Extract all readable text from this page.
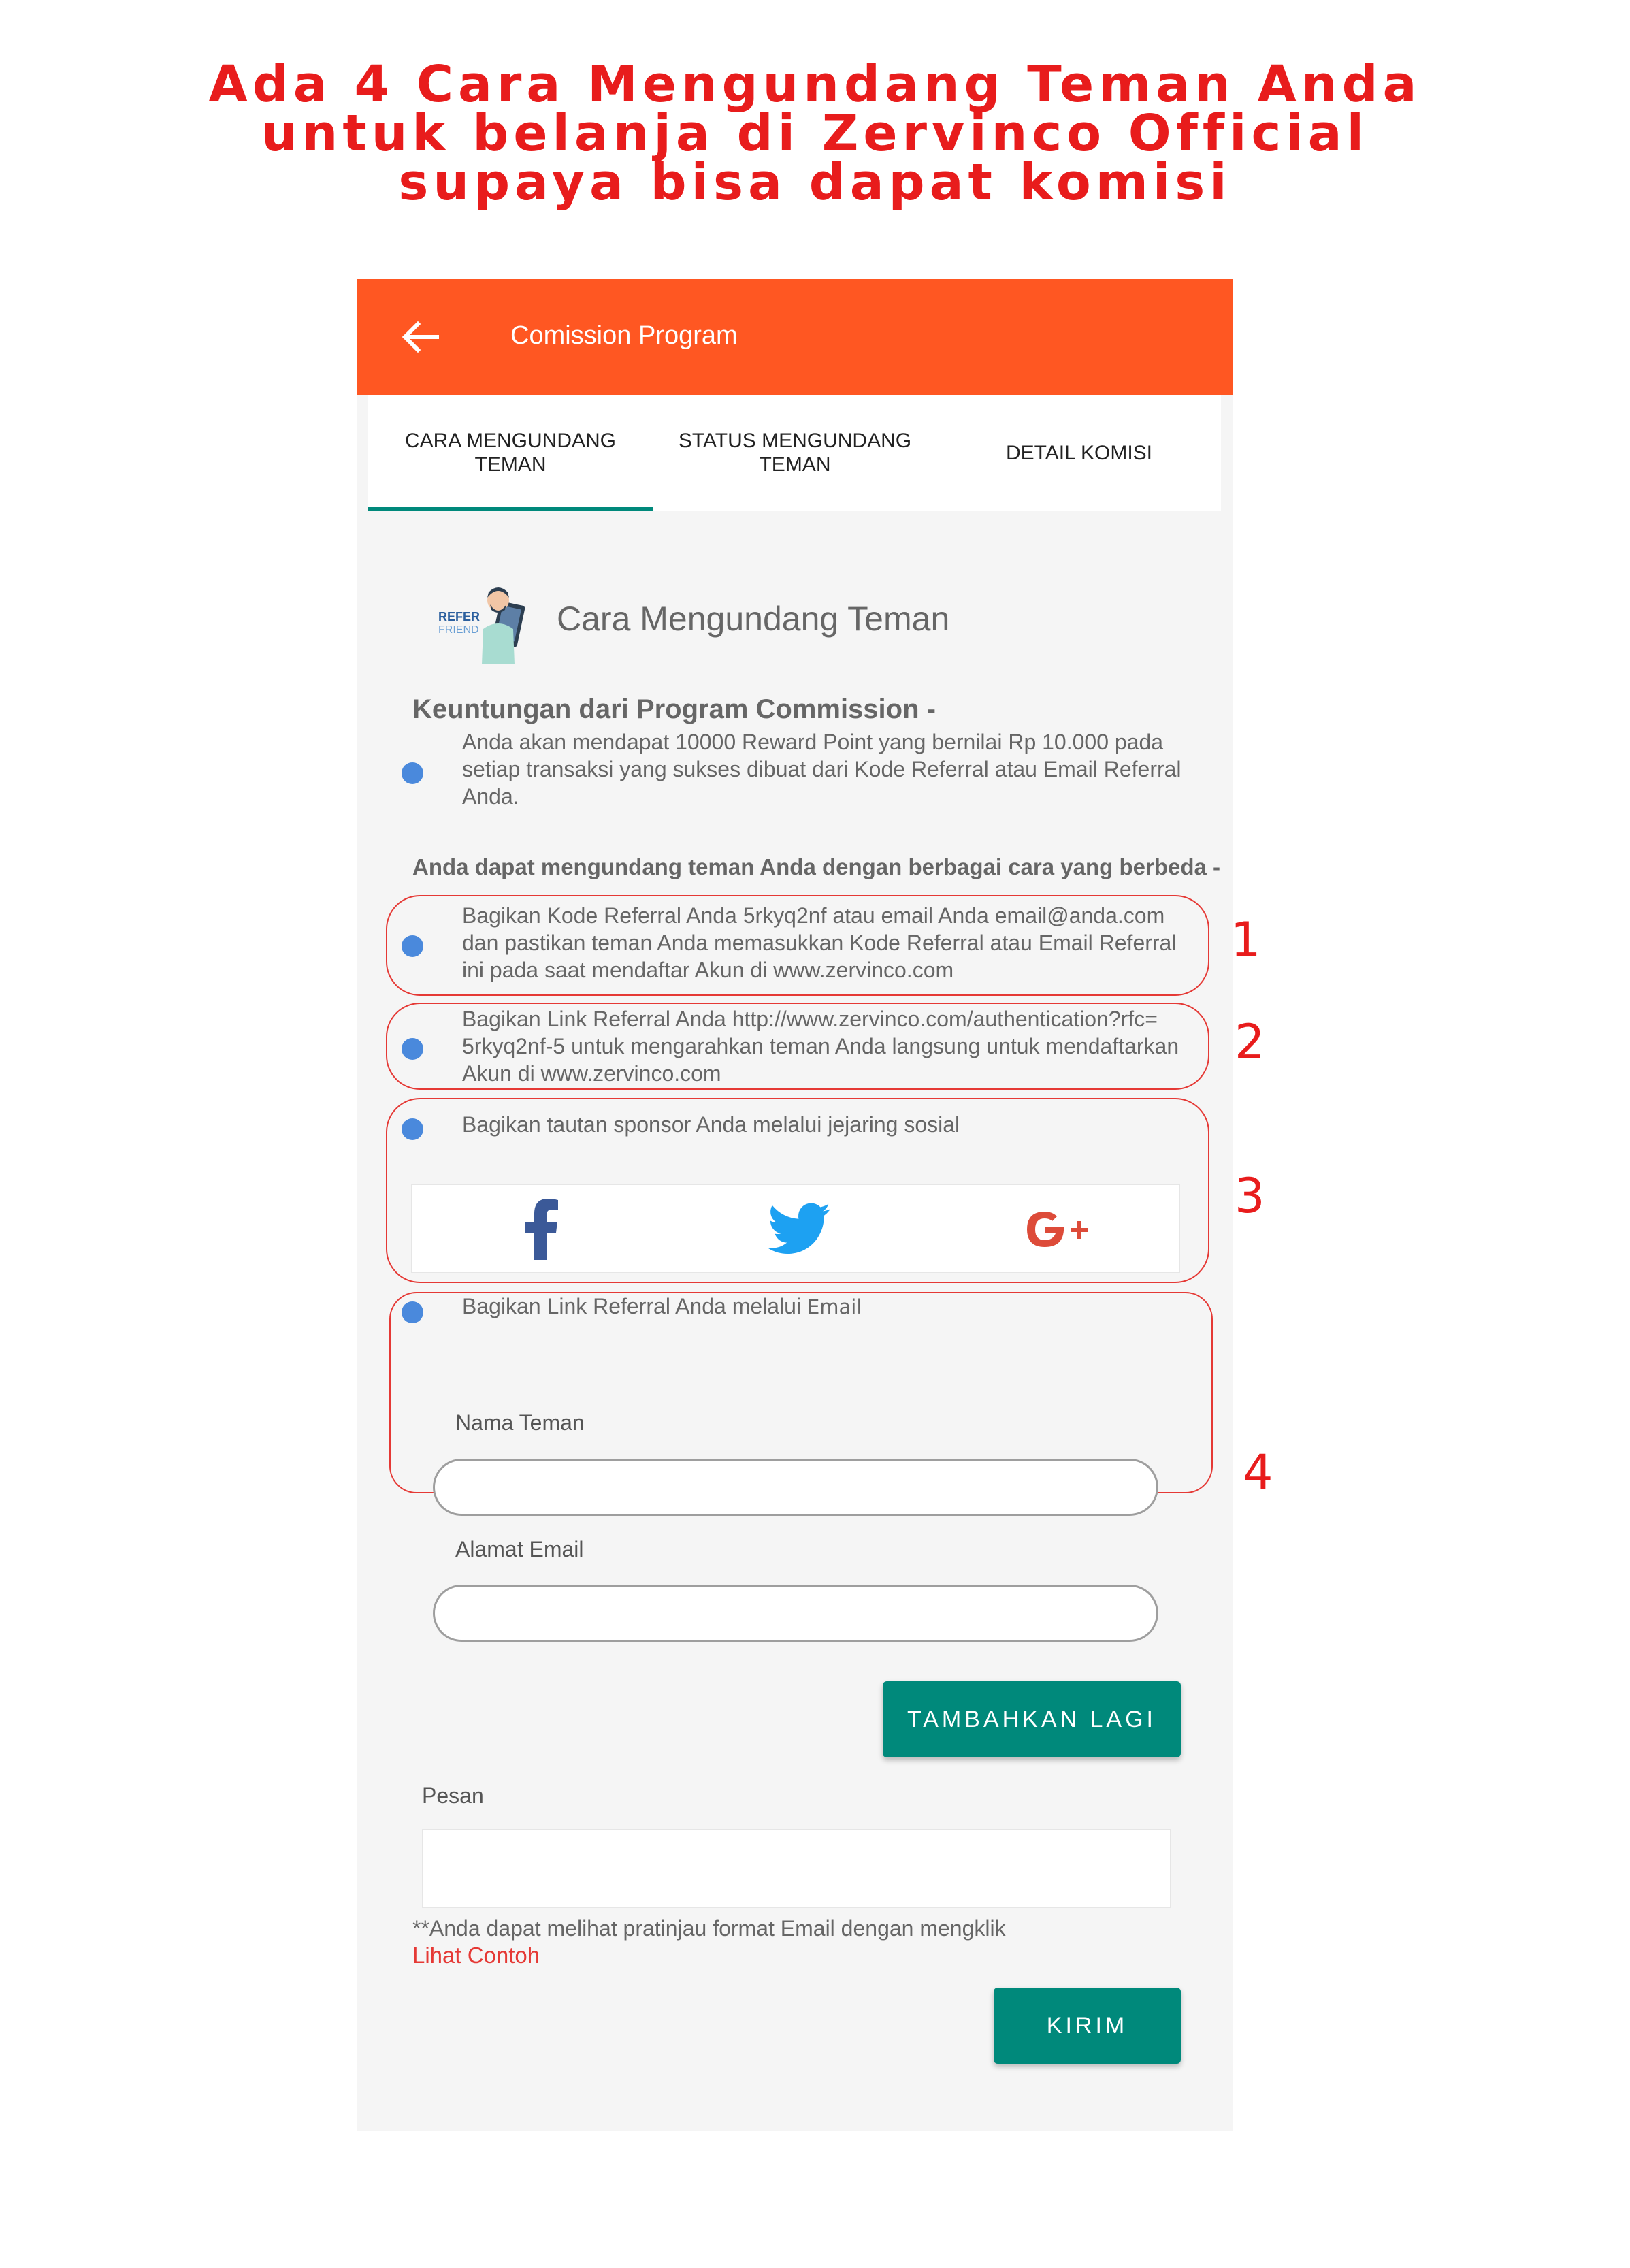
Ada 4 Cara Mengundang Teman Anda
untuk belanja di Zervinco Official
supaya bisa dapat komisi
Comission Program
CARA MENGUNDANG
TEMAN
STATUS MENGUNDANG
TEMAN
DETAIL KOMISI
REFER
FRIEND Cara Mengundang Teman
Keuntungan dari Program Commission -
Anda akan mendapat 10000 Reward Point yang bernilai Rp 10.000 pada
setiap transaksi yang sukses dibuat dari Kode Referral atau Email Referral
Anda.
Anda dapat mengundang teman Anda dengan berbagai cara yang berbeda -
Bagikan Kode Referral Anda 5rkyq2nf atau email Anda email@anda.com
dan pastikan teman Anda memasukkan Kode Referral atau Email Referral
ini pada saat mendaftar Akun di www.zervinco.com
Bagikan Link Referral Anda http://www.zervinco.com/authentication?rfc=
5rkyq2nf-5 untuk mengarahkan teman Anda langsung untuk mendaftarkan
Akun di www.zervinco.com
Bagikan tautan sponsor Anda melalui jejaring sosial
Bagikan Link Referral Anda melalui Email
Nama Teman
Alamat Email
TAMBAHKAN LAGI
Pesan
**Anda dapat melihat pratinjau format Email dengan mengklik
Lihat Contoh
KIRIM
1
2
3
4
